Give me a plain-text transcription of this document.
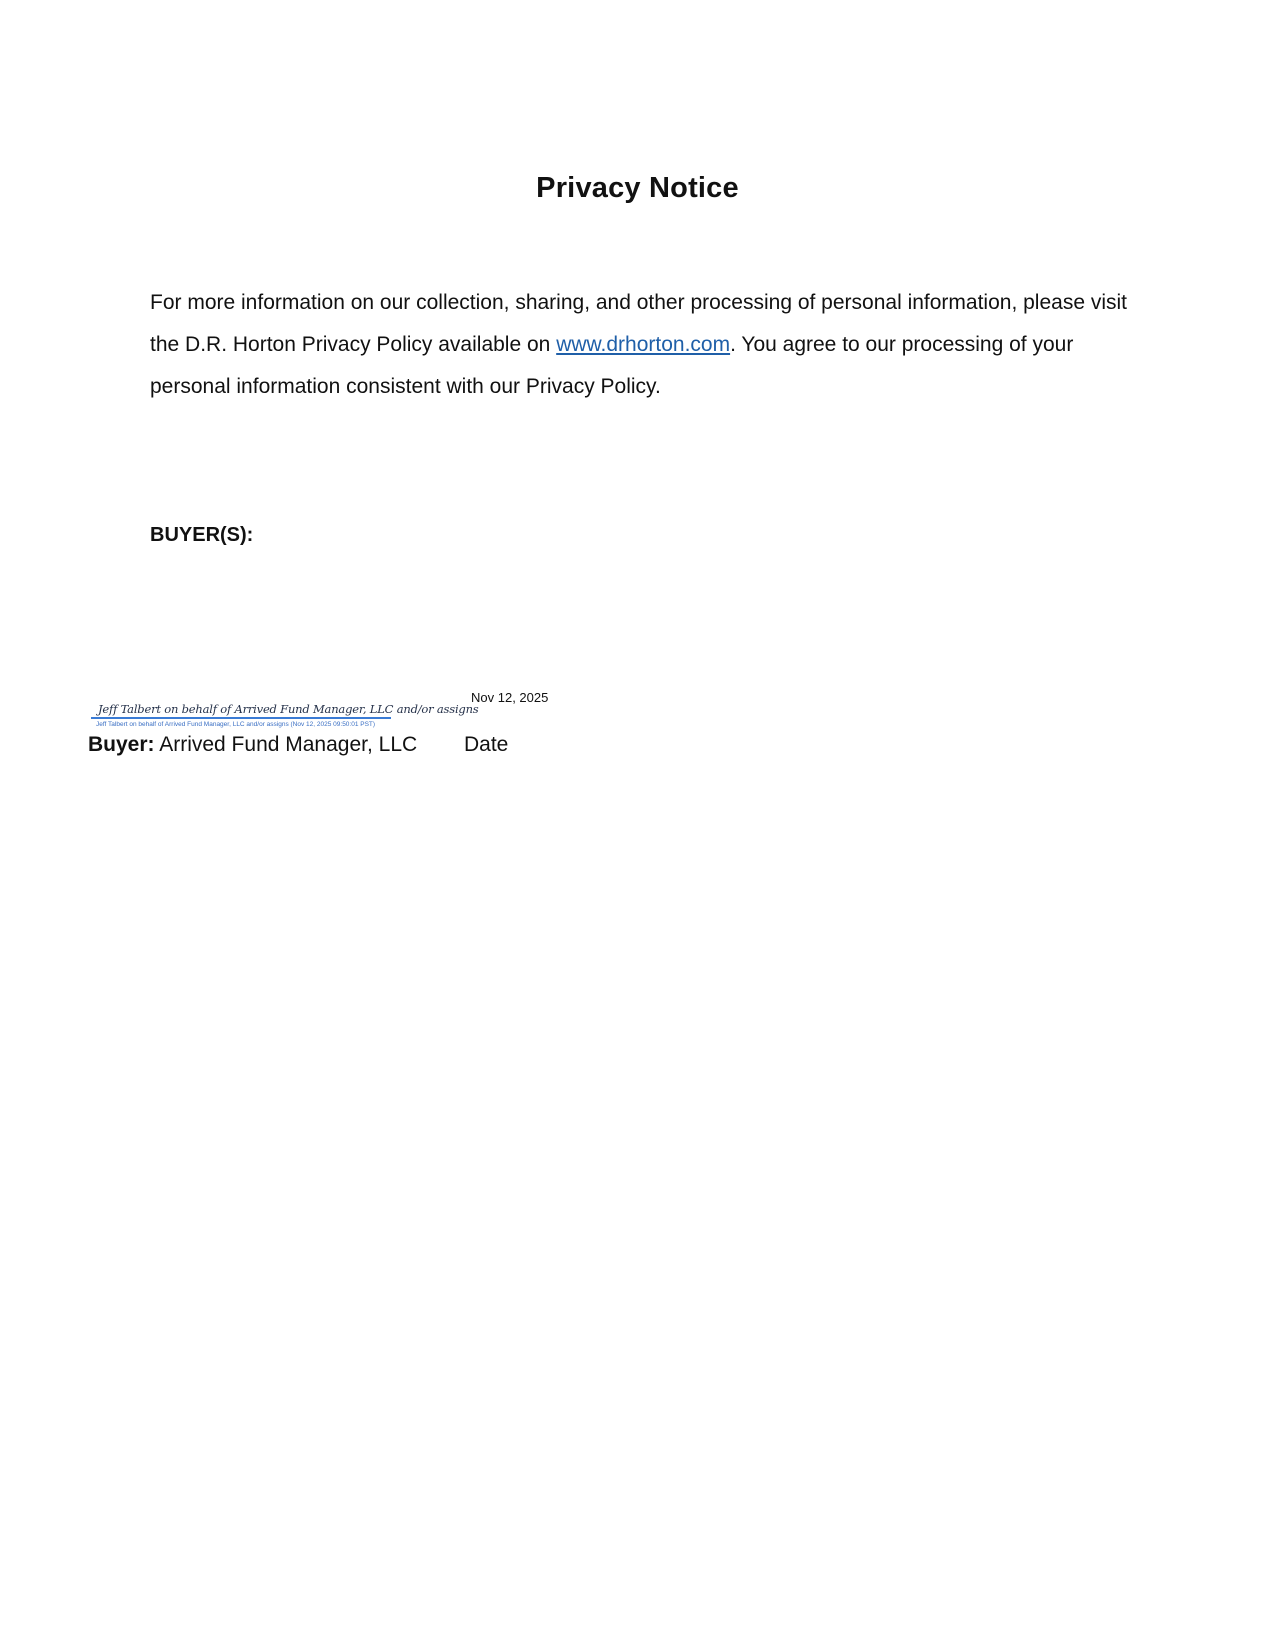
Privacy Notice
For more information on our collection, sharing, and other processing of personal information, please visit the D.R. Horton Privacy Policy available on www.drhorton.com. You agree to our processing of your personal information consistent with our Privacy Policy.
BUYER(S):
Jeff Talbert on behalf of Arrived Fund Manager, LLC and/or assigns
Jeff Talbert on behalf of Arrived Fund Manager, LLC and/or assigns (Nov 12, 2025 09:50:01 PST)
Nov 12, 2025
Buyer: Arrived Fund Manager, LLC Date
